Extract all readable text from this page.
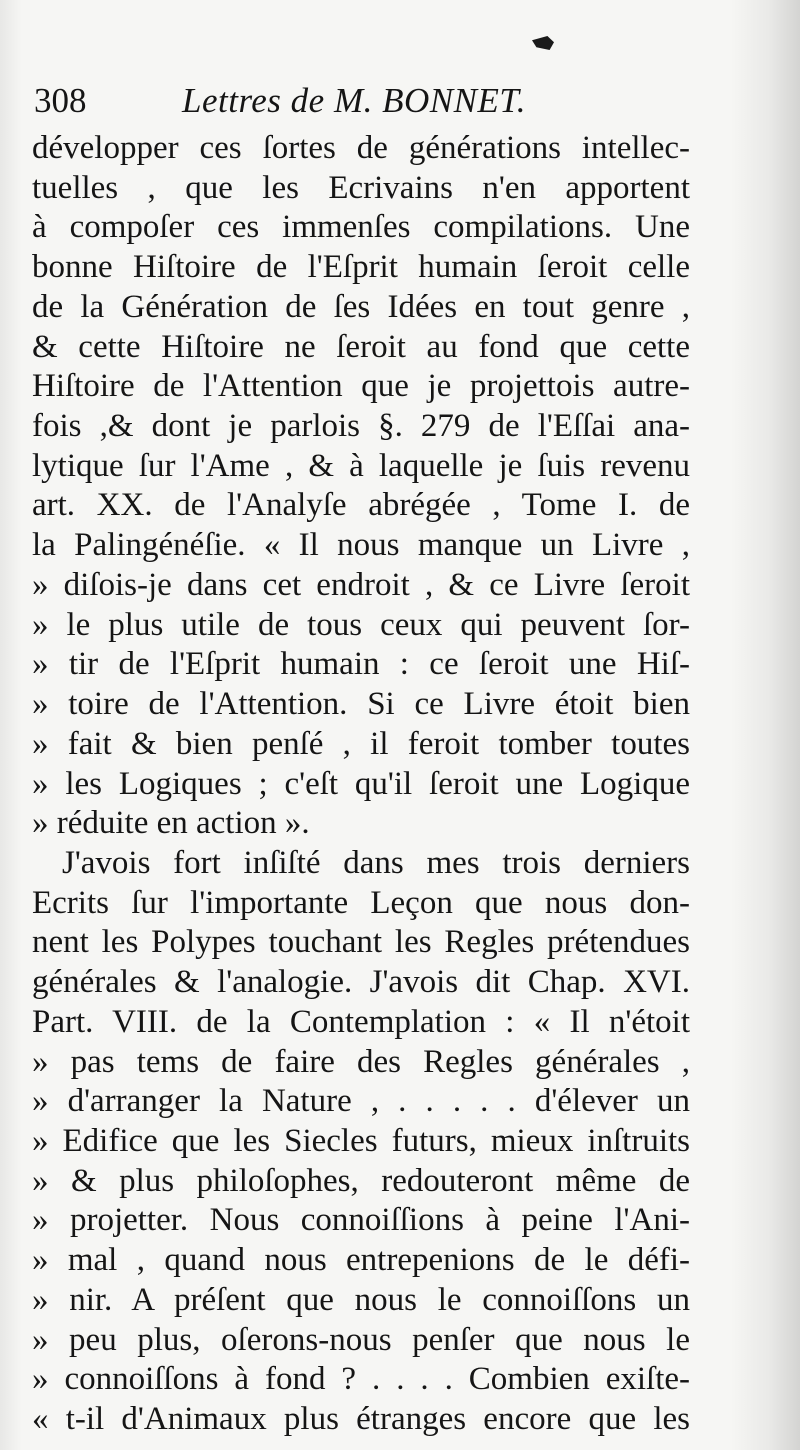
308	Lettres de M. BONNET.
développer ces ſortes de générations intellec-
tuelles , que les Ecrivains n'en apportent
à compoſer ces immenſes compilations. Une
bonne Hiſtoire de l'Eſprit humain ſeroit celle
de la Génération de ſes Idées en tout genre ,
& cette Hiſtoire ne ſeroit au fond que cette
Hiſtoire de l'Attention que je projettois autre-
fois ,& dont je parlois §. 279 de l'Eſſai ana-
lytique ſur l'Ame , & à laquelle je ſuis revenu
art. XX. de l'Analyſe abrégée , Tome I. de
la Palingénéſie. « Il nous manque un Livre ,
» diſois-je dans cet endroit , & ce Livre ſeroit
» le plus utile de tous ceux qui peuvent ſor-
» tir de l'Eſprit humain : ce ſeroit une Hiſ-
» toire de l'Attention. Si ce Livre étoit bien
» fait & bien penſé , il feroit tomber toutes
» les Logiques ; c'eſt qu'il ſeroit une Logique
» réduite en action ».
J'avois fort inſiſté dans mes trois derniers
Ecrits ſur l'importante Leçon que nous don-
nent les Polypes touchant les Regles prétendues
générales & l'analogie. J'avois dit Chap. XVI.
Part. VIII. de la Contemplation : « Il n'étoit
» pas tems de faire des Regles générales ,
» d'arranger la Nature , . . . . . d'élever un
» Edifice que les Siecles futurs, mieux inſtruits
» & plus philoſophes, redouteront même de
» projetter. Nous connoiſſions à peine l'Ani-
» mal , quand nous entrepenions de le défi-
» nir. A préſent que nous le connoiſſons un
» peu plus, oſerons-nous penſer que nous le
» connoiſſons à fond ? . . . . Combien exiſte-
« t-il d'Animaux plus étranges encore que les
